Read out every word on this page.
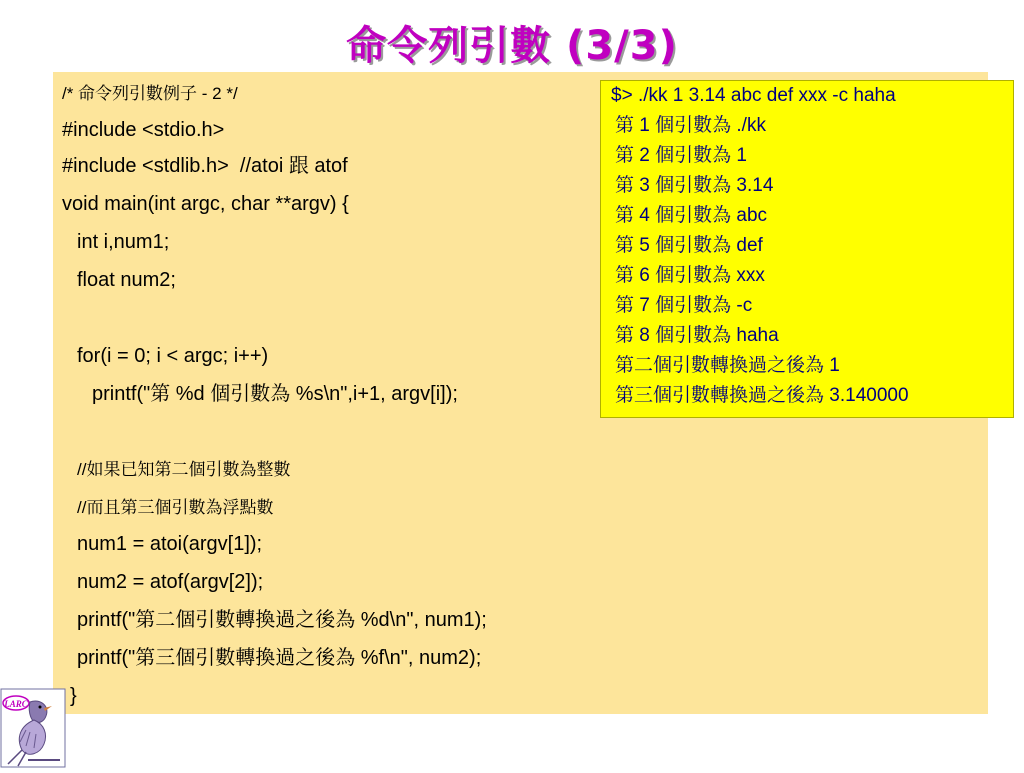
命令列引數 (3/3)
/* 命令列引數例子 - 2 */
#include <stdio.h>
#include <stdlib.h>  //atoi 跟 atof
void main(int argc, char **argv) {
int i,num1;
float num2;
for(i = 0; i < argc; i++)
printf("第 %d 個引數為 %s\n",i+1, argv[i]);
//如果已知第二個引數為整數
//而且第三個引數為浮點數
num1 = atoi(argv[1]);
num2 = atof(argv[2]);
printf("第二個引數轉換過之後為 %d\n", num1);
printf("第三個引數轉換過之後為 %f\n", num2);
}
$> ./kk 1 3.14 abc def xxx -c haha
第 1 個引數為 ./kk
第 2 個引數為 1
第 3 個引數為 3.14
第 4 個引數為 abc
第 5 個引數為 def
第 6 個引數為 xxx
第 7 個引數為 -c
第 8 個引數為 haha
第二個引數轉換過之後為 1
第三個引數轉換過之後為 3.140000
LARC
